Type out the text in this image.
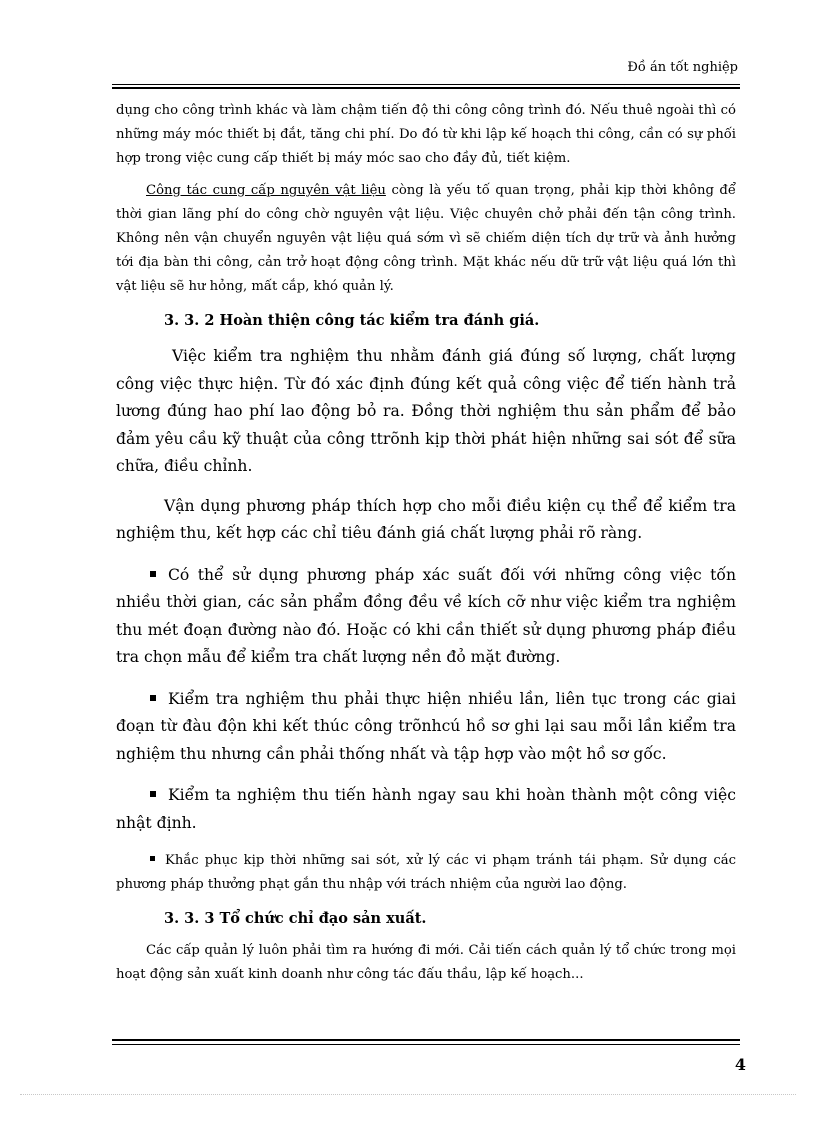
Đồ án tốt nghiệp

dụng cho công trình khác và làm chậm tiến độ thi công công trình đó. Nếu thuê ngoài thì có những máy móc thiết bị đắt, tăng chi phí. Do đó từ khi lập kế hoạch thi công, cần có sự phối hợp trong việc cung cấp thiết bị máy móc sao cho đầy đủ, tiết kiệm.

Công tác cung cấp nguyên vật liệu còng là yếu tố quan trọng, phải kịp thời không để thời gian lãng phí do công chờ nguyên vật liệu. Việc chuyên chở phải đến tận công trình. Không nên vận chuyển nguyên vật liệu quá sớm vì sẽ chiếm diện tích dự trữ và ảnh hưởng tới địa bàn thi công, cản trở hoạt động công trình. Mặt khác nếu dữ trữ vật liệu quá lớn thì vật liệu sẽ hư hỏng, mất cắp, khó quản lý.

3. 3. 2 Hoàn thiện công tác kiểm tra đánh giá.

Việc kiểm tra nghiệm thu nhằm đánh giá đúng số lượng, chất lượng công việc thực hiện. Từ đó xác định đúng kết quả công việc để tiến hành trả lương đúng hao phí lao động bỏ ra. Đồng thời nghiệm thu sản phẩm để bảo đảm yêu cầu kỹ thuật của công ttrõnh kịp thời phát hiện những sai sót để sữa chữa, điều chỉnh.

Vận dụng phương pháp thích hợp cho mỗi điều kiện cụ thể để kiểm tra nghiệm thu, kết hợp các chỉ tiêu đánh giá chất lượng phải rõ ràng.

Có thể sử dụng phương pháp xác suất đối với những công việc tốn nhiều thời gian, các sản phẩm đồng đều về kích cỡ như việc kiểm tra nghiệm thu mét đoạn đường nào đó. Hoặc có khi cần thiết sử dụng phương pháp điều tra chọn mẫu để kiểm tra chất lượng nền đỏ mặt đường.

Kiểm tra nghiệm thu phải thực hiện nhiều lần, liên tục trong các giai đoạn từ đàu độn khi kết thúc công trõnhcú hồ sơ ghi lại sau mỗi lần kiểm tra nghiệm thu nhưng cần phải thống nhất và tập hợp vào một hồ sơ gốc.

Kiểm ta nghiệm thu tiến hành ngay sau khi hoàn thành một công việc nhật định.

Khắc phục kịp thời những sai sót, xử lý các vi phạm tránh tái phạm. Sử dụng các phương pháp thưởng phạt gắn thu nhập với trách nhiệm của người lao động.

3. 3. 3 Tổ chức chỉ đạo sản xuất.

Các cấp quản lý luôn phải tìm ra hướng đi mới. Cải tiến cách quản lý tổ chức trong mọi hoạt động sản xuất kinh doanh như công tác đấu thầu, lập kế hoạch...

4
